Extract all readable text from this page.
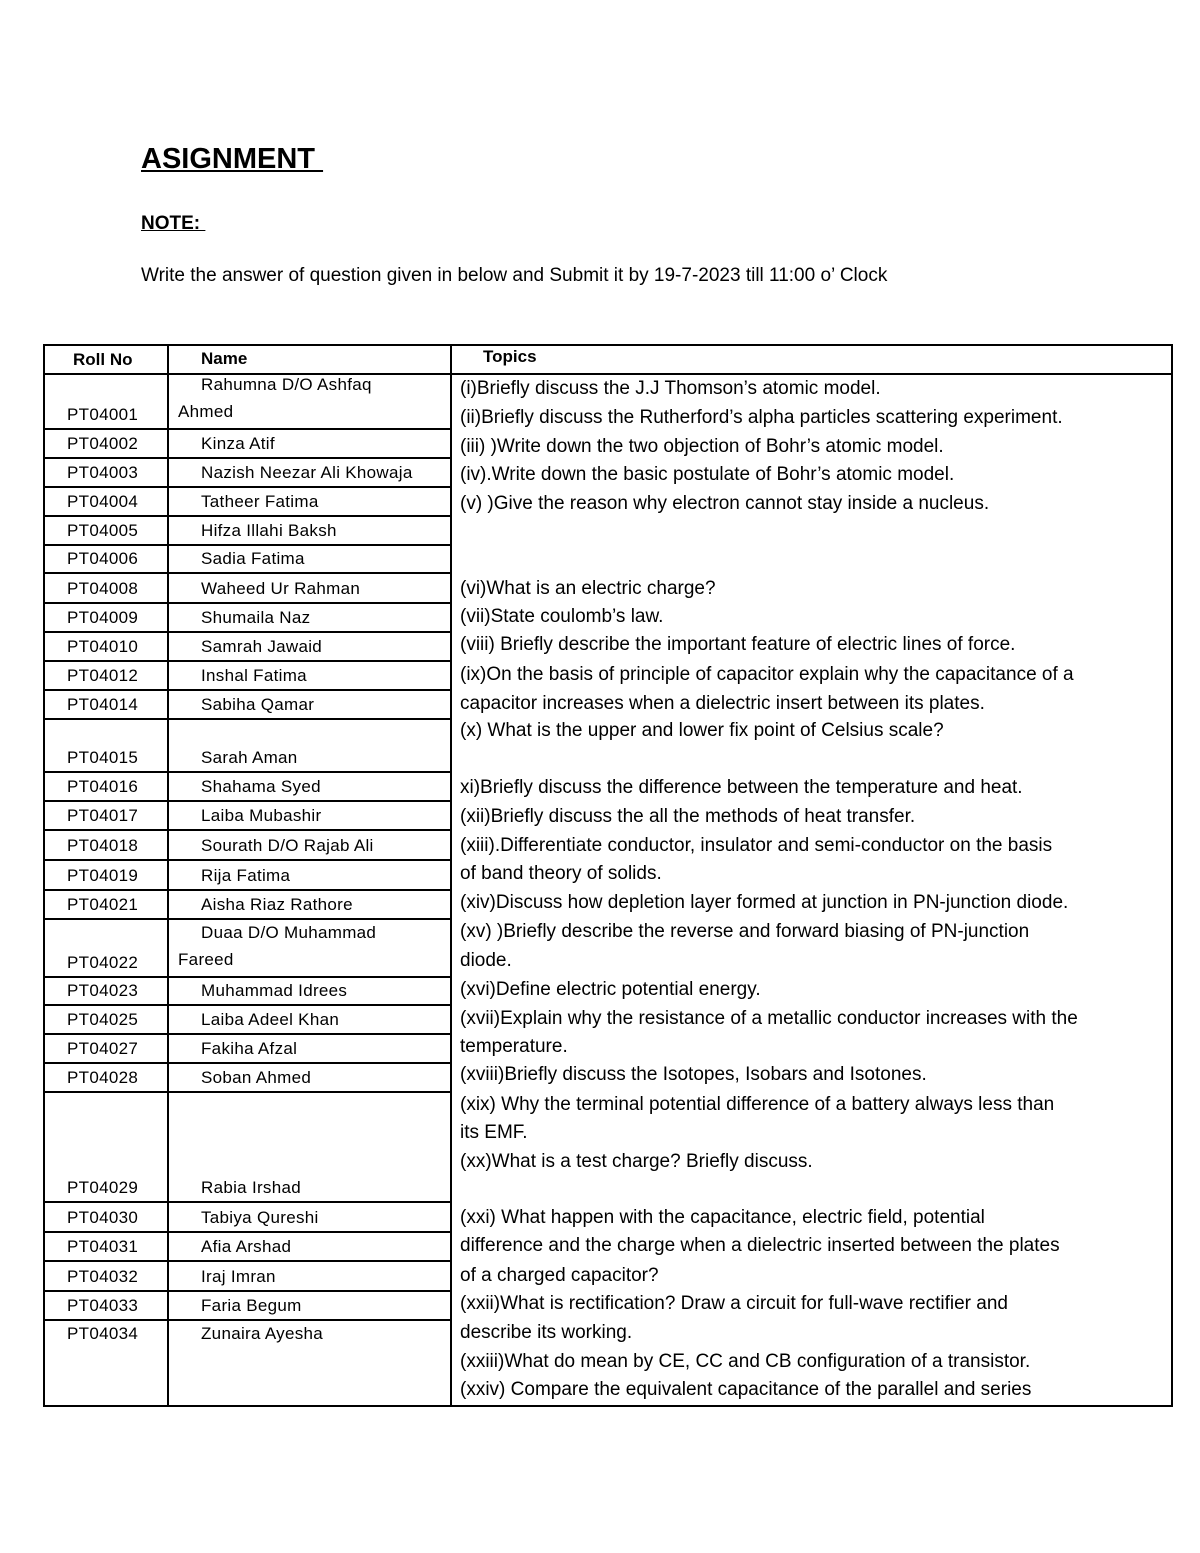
ASIGNMENT
NOTE:
Write the answer of question given in below and Submit it by 19-7-2023 till 11:00 o’ Clock
Roll No
PT04001
PT04002
PT04003
PT04004
PT04005
PT04006
PT04008
PT04009
PT04010
PT04012
PT04014
PT04015
PT04016
PT04017
PT04018
PT04019
PT04021
PT04022
PT04023
PT04025
PT04027
PT04028
PT04029
PT04030
PT04031
PT04032
PT04033
PT04034
Name
Rahumna D/O Ashfaq
Ahmed
Kinza Atif
Nazish Neezar Ali Khowaja
Tatheer Fatima
Hifza Illahi Baksh
Sadia Fatima
Waheed Ur Rahman
Shumaila Naz
Samrah Jawaid
Inshal Fatima
Sabiha Qamar
Sarah Aman
Shahama Syed
Laiba Mubashir
Sourath D/O Rajab Ali
Rija Fatima
Aisha Riaz Rathore
Duaa D/O Muhammad
Fareed
Muhammad Idrees
Laiba Adeel Khan
Fakiha Afzal
Soban Ahmed
Rabia Irshad
Tabiya Qureshi
Afia Arshad
Iraj Imran
Faria Begum
Zunaira Ayesha
Topics
(i)Briefly discuss the J.J Thomson’s atomic model.
(ii)Briefly discuss the Rutherford’s alpha particles scattering experiment.
(iii) )Write down the two objection of Bohr’s atomic model.
(iv).Write down the basic postulate of Bohr’s atomic model.
(v) )Give the reason why electron cannot stay inside a nucleus.
(vi)What is an electric charge?
(vii)State coulomb’s law.
(viii) Briefly describe the important feature of electric lines of force.
(ix)On the basis of principle of capacitor explain why the capacitance of a
capacitor increases when a dielectric insert between its plates.
(x) What is the upper and lower fix point of Celsius scale?
xi)Briefly discuss the difference between the temperature and heat.
(xii)Briefly discuss the all the methods of heat transfer.
(xiii).Differentiate conductor, insulator and semi-conductor on the basis
of band theory of solids.
(xiv)Discuss how depletion layer formed at junction in PN-junction diode.
(xv) )Briefly describe the reverse and forward biasing of PN-junction
diode.
(xvi)Define electric potential energy.
(xvii)Explain why the resistance of a metallic conductor increases with the
temperature.
(xviii)Briefly discuss the Isotopes, Isobars and Isotones.
(xix) Why the terminal potential difference of a battery always less than
its EMF.
(xx)What is a test charge? Briefly discuss.
(xxi) What happen with the capacitance, electric field, potential
difference and the charge when a dielectric inserted between the plates
of a charged capacitor?
(xxii)What is rectification? Draw a circuit for full-wave rectifier and
describe its working.
(xxiii)What do mean by CE, CC and CB configuration of a transistor.
(xxiv) Compare the equivalent capacitance of the parallel and series
